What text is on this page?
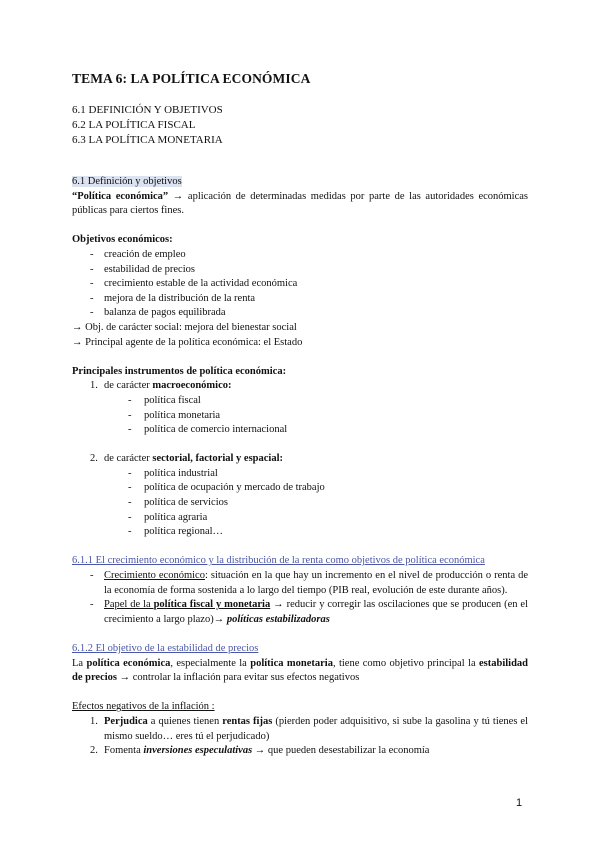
TEMA 6: LA POLÍTICA ECONÓMICA
6.1 DEFINICIÓN Y OBJETIVOS
6.2 LA POLÍTICA FISCAL
6.3 LA POLÍTICA MONETARIA

6.1 Definición y objetivos

“Política económica” → aplicación de determinadas medidas por parte de las autoridades económicas públicas para ciertos fines.

Objetivos económicos:

- creación de empleo
- estabilidad de precios
- crecimiento estable de la actividad económica
- mejora de la distribución de la renta
- balanza de pagos equilibrada

→ Obj. de carácter social: mejora del bienestar social

→ Principal agente de la política económica: el Estado

Principales instrumentos de política económica:

1. de carácter macroeconómico:
- política fiscal
- política monetaria
- política de comercio internacional
2. de carácter sectorial, factorial y espacial:
- política industrial
- política de ocupación y mercado de trabajo
- política de servicios
- política agraria
- política regional…

6.1.1 El crecimiento económico y la distribución de la renta como objetivos de política económica

- Crecimiento económico: situación en la que hay un incremento en el nivel de producción o renta de la economía de forma sostenida a lo largo del tiempo (PIB real, evolución de este durante años).
- Papel de la política fiscal y monetaria → reducir y corregir las oscilaciones que se producen (en el crecimiento a largo plazo)→ políticas estabilizadoras

6.1.2 El objetivo de la estabilidad de precios

La política económica, especialmente la política monetaria, tiene como objetivo principal la estabilidad de precios → controlar la inflación para evitar sus efectos negativos

Efectos negativos de la inflación :

1. Perjudica a quienes tienen rentas fijas (pierden poder adquisitivo, si sube la gasolina y tú tienes el mismo sueldo… eres tú el perjudicado)
2. Fomenta inversiones especulativas → que pueden desestabilizar la economía
1
